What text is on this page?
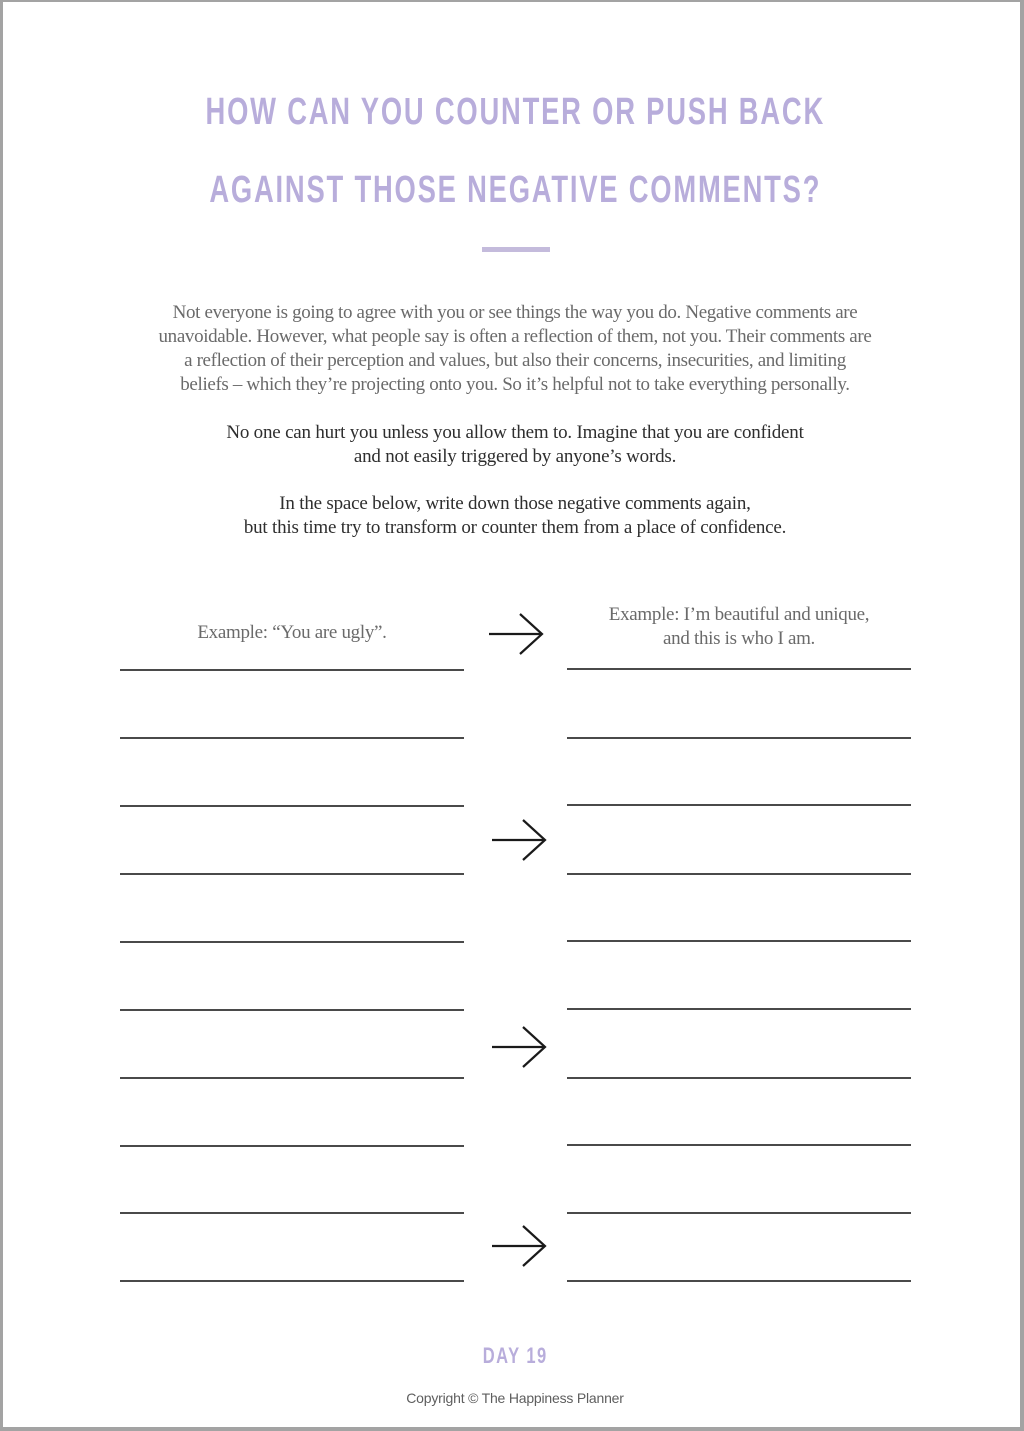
HOW CAN YOU COUNTER OR PUSH BACK
AGAINST THOSE NEGATIVE COMMENTS?
Not everyone is going to agree with you or see things the way you do. Negative comments are
unavoidable. However, what people say is often a reflection of them, not you. Their comments are
a reflection of their perception and values, but also their concerns, insecurities, and limiting
beliefs – which they’re projecting onto you. So it’s helpful not to take everything personally.
No one can hurt you unless you allow them to. Imagine that you are confident
and not easily triggered by anyone’s words.
In the space below, write down those negative comments again,
but this time try to transform or counter them from a place of confidence.
Example: “You are ugly”.
Example: I’m beautiful and unique,
and this is who I am.
DAY 19
Copyright © The Happiness Planner
